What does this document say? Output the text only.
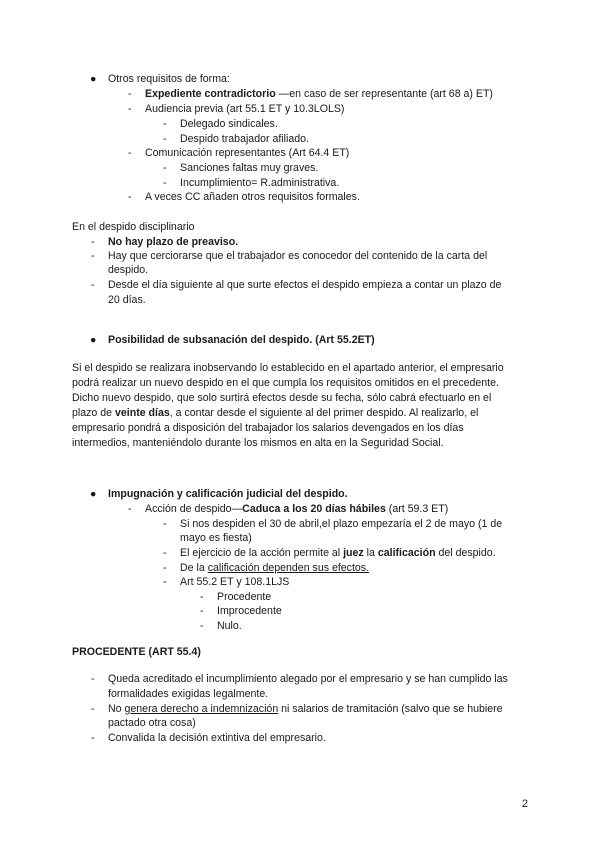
● Otros requisitos de forma:
- Expediente contradictorio —en caso de ser representante (art 68 a) ET)
- Audiencia previa (art 55.1 ET y 10.3LOLS)
- Delegado sindicales.
- Despido trabajador afiliado.
- Comunicación representantes (Art 64.4 ET)
- Sanciones faltas muy graves.
- Incumplimiento= R.administrativa.
- A veces CC añaden otros requisitos formales.
En el despido disciplinario
- No hay plazo de preaviso.
- Hay que cerciorarse que el trabajador es conocedor del contenido de la carta del
despido.
- Desde el día siguiente al que surte efectos el despido empieza a contar un plazo de
20 días.
● Posibilidad de subsanación del despido. (Art 55.2ET)
Si el despido se realizara inobservando lo establecido en el apartado anterior, el empresario
podrá realizar un nuevo despido en el que cumpla los requisitos omitidos en el precedente.
Dicho nuevo despido, que solo surtirá efectos desde su fecha, sólo cabrá efectuarlo en el
plazo de veinte días, a contar desde el siguiente al del primer despido. Al realizarlo, el
empresario pondrá a disposición del trabajador los salarios devengados en los días
intermedios, manteniéndolo durante los mismos en alta en la Seguridad Social.
● Impugnación y calificación judicial del despido.
- Acción de despido—Caduca a los 20 días hábiles (art 59.3 ET)
- Si nos despiden el 30 de abril,el plazo empezaría el 2 de mayo (1 de
mayo es fiesta)
- El ejercicio de la acción permite al juez la calificación del despido.
- De la calificación dependen sus efectos.
- Art 55.2 ET y 108.1LJS
- Procedente
- Improcedente
- Nulo.
PROCEDENTE (ART 55.4)
- Queda acreditado el incumplimiento alegado por el empresario y se han cumplido las
formalidades exigidas legalmente.
- No genera derecho a indemnización ni salarios de tramitación (salvo que se hubiere
pactado otra cosa)
- Convalida la decisión extintiva del empresario.
2
